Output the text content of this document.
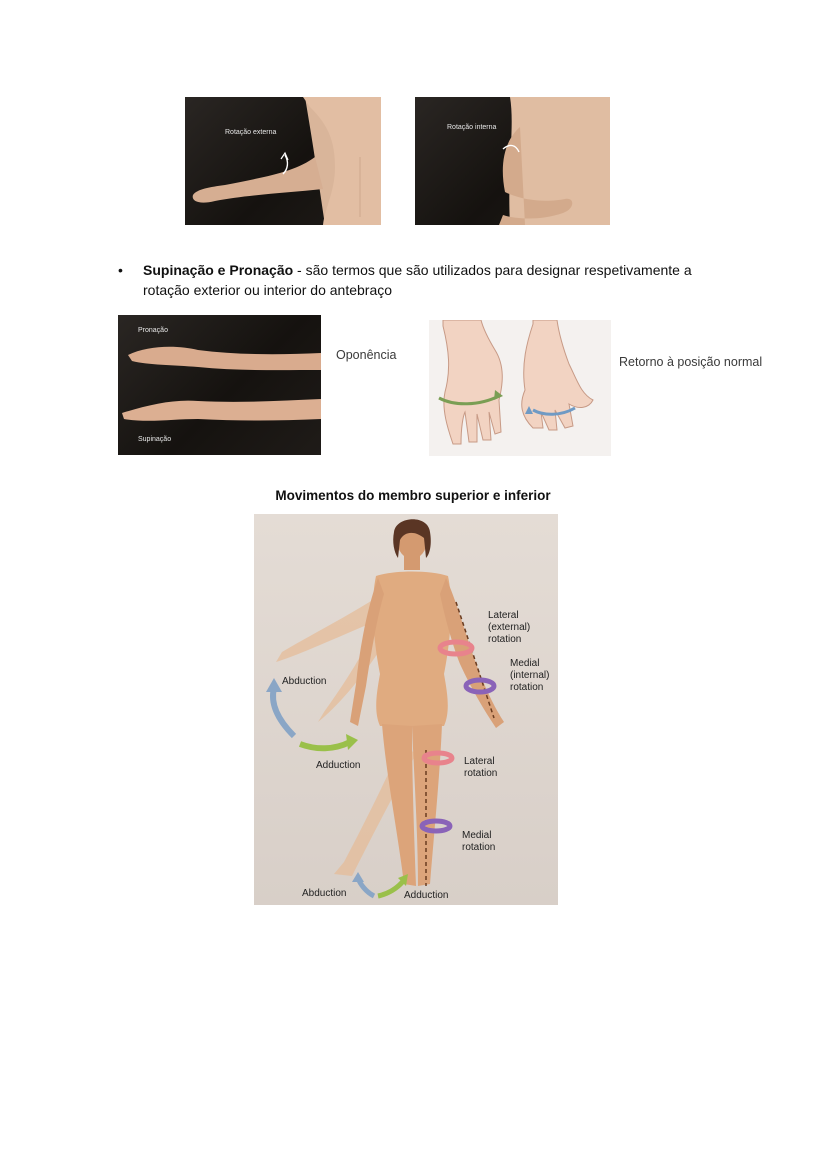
Rotação externa
Rotação interna
• Supinação e Pronação - são termos que são utilizados para designar respetivamente a
rotação exterior ou interior do antebraço
Pronação
Supinação
Oponência	Retorno à posição normal
Movimentos do membro superior e inferior
Lateral
(external)
rotation
Medial
(internal)
rotation
Abduction
Adduction	Lateral
rotation
Medial
rotation
Abduction	Adduction
